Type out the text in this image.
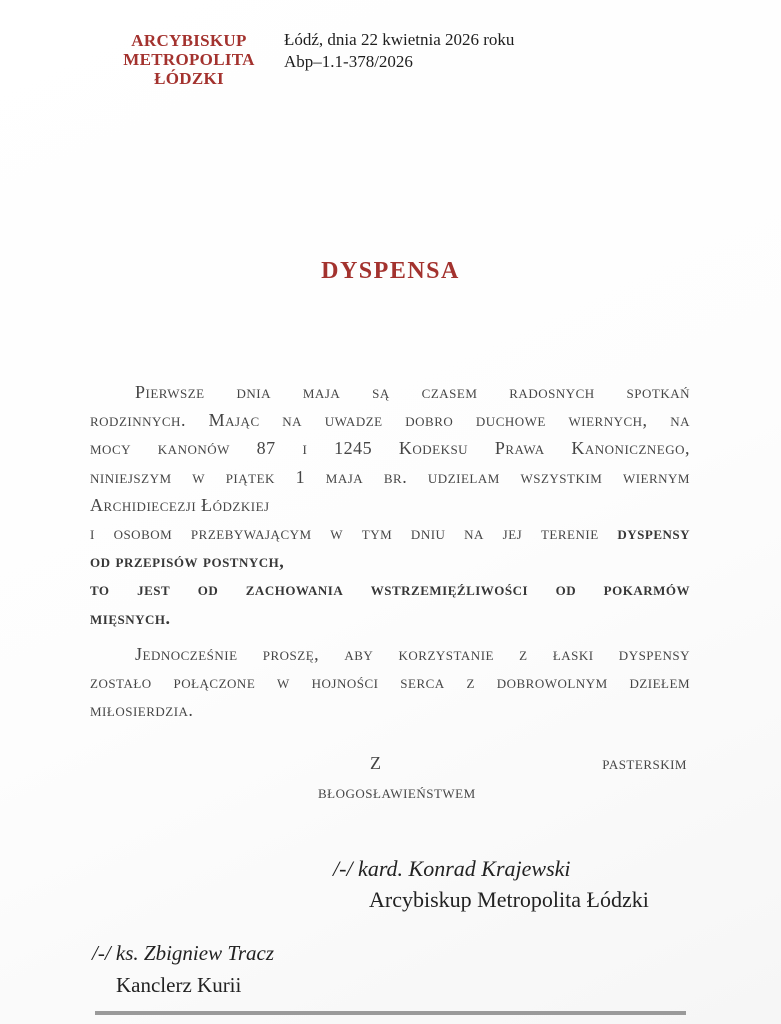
ARCYBISKUP
METROPOLITA ŁÓDZKI
Łódź, dnia 22 kwietnia 2026 roku
Abp–1.1-378/2026
DYSPENSA
Pierwsze dnia maja są czasem radosnych spotkań
rodzinnych. Mając na uwadze dobro duchowe wiernych, na
mocy kanonów 87 i 1245 Kodeksu Prawa Kanonicznego,
niniejszym w piątek 1 maja br. udzielam wszystkim wiernym
Archidiecezji Łódzkiej
i osobom przebywającym w tym dniu na jej terenie dyspensy
od przepisów postnych,
to jest od zachowania wstrzemięźliwości od pokarmów
mięsnych.
Jednocześnie proszę, aby korzystanie z łaski dyspensy
zostało połączone w hojności serca z dobrowolnym dziełem
miłosierdzia.
Z	pasterskim
błogosławieństwem
/-/ kard. Konrad Krajewski
Arcybiskup Metropolita Łódzki
/-/ ks. Zbigniew Tracz
Kanclerz Kurii
